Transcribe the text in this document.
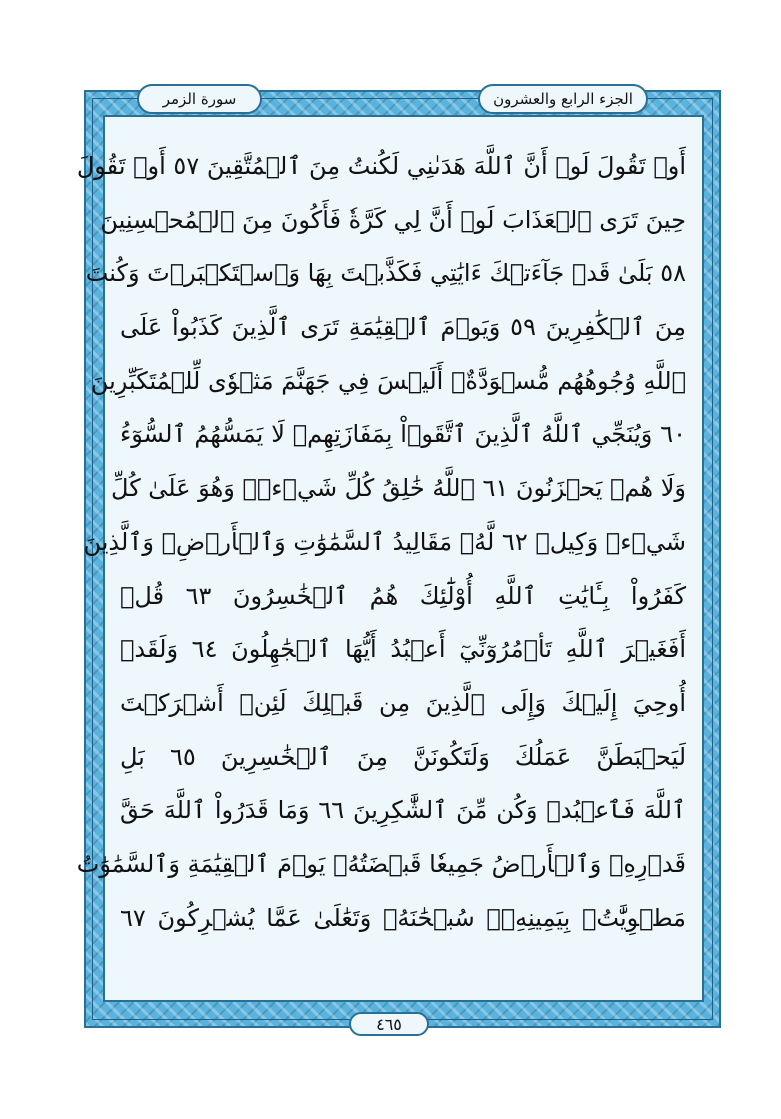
سورة الزمر	الجزء الرابع والعشرون
أَوۡ تَقُولَ لَوۡ أَنَّ ٱللَّهَ هَدَىٰنِي لَكُنتُ مِنَ ٱلۡمُتَّقِينَ ٥٧ أَوۡ تَقُولَ
حِينَ تَرَى ٱلۡعَذَابَ لَوۡ أَنَّ لِي كَرَّةٗ فَأَكُونَ مِنَ ٱلۡمُحۡسِنِينَ
٥٨ بَلَىٰ قَدۡ جَآءَتۡكَ ءَايَٰتِي فَكَذَّبۡتَ بِهَا وَٱسۡتَكۡبَرۡتَ وَكُنتَ
مِنَ ٱلۡكَٰفِرِينَ ٥٩ وَيَوۡمَ ٱلۡقِيَٰمَةِ تَرَى ٱلَّذِينَ كَذَبُواْ عَلَى
ٱللَّهِ وُجُوهُهُم مُّسۡوَدَّةٌۚ أَلَيۡسَ فِي جَهَنَّمَ مَثۡوٗى لِّلۡمُتَكَبِّرِينَ
٦٠ وَيُنَجِّي ٱللَّهُ ٱلَّذِينَ ٱتَّقَوۡاْ بِمَفَازَتِهِمۡ لَا يَمَسُّهُمُ ٱلسُّوٓءُ
وَلَا هُمۡ يَحۡزَنُونَ ٦١ ٱللَّهُ خَٰلِقُ كُلِّ شَيۡءٖۖ وَهُوَ عَلَىٰ كُلِّ
شَيۡءٖ وَكِيلٞ ٦٢ لَّهُۥ مَقَالِيدُ ٱلسَّمَٰوَٰتِ وَٱلۡأَرۡضِۗ وَٱلَّذِينَ
كَفَرُواْ بِـَٔايَٰتِ ٱللَّهِ أُوْلَٰٓئِكَ هُمُ ٱلۡخَٰسِرُونَ ٦٣ قُلۡ
أَفَغَيۡرَ ٱللَّهِ تَأۡمُرُوٓنِّيٓ أَعۡبُدُ أَيُّهَا ٱلۡجَٰهِلُونَ ٦٤ وَلَقَدۡ
أُوحِيَ إِلَيۡكَ وَإِلَى ٱلَّذِينَ مِن قَبۡلِكَ لَئِنۡ أَشۡرَكۡتَ
لَيَحۡبَطَنَّ عَمَلُكَ وَلَتَكُونَنَّ مِنَ ٱلۡخَٰسِرِينَ ٦٥ بَلِ
ٱللَّهَ فَٱعۡبُدۡ وَكُن مِّنَ ٱلشَّٰكِرِينَ ٦٦ وَمَا قَدَرُواْ ٱللَّهَ حَقَّ
قَدۡرِهِۦ وَٱلۡأَرۡضُ جَمِيعٗا قَبۡضَتُهُۥ يَوۡمَ ٱلۡقِيَٰمَةِ وَٱلسَّمَٰوَٰتُ
مَطۡوِيَّٰتُۢ بِيَمِينِهِۦۚ سُبۡحَٰنَهُۥ وَتَعَٰلَىٰ عَمَّا يُشۡرِكُونَ ٦٧
٤٦٥
